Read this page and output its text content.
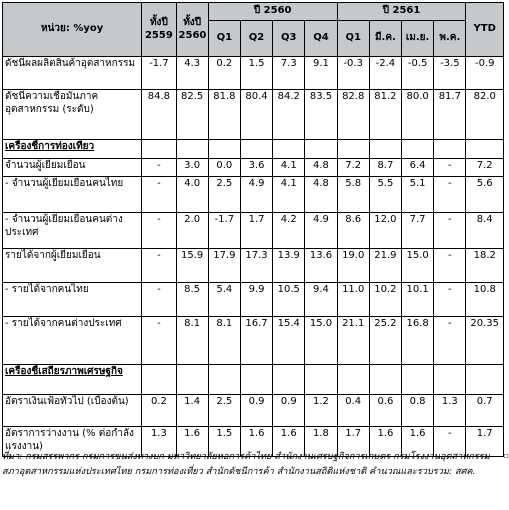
หน่วย: %yoy	ทั้งปี 2559	ทั้งปี 2560	ปี 2560				ปี 2561				YTD
			Q1	Q2	Q3	Q4	Q1	มี.ค.	เม.ย.	พ.ค.	
ดัชนีผลผลิตสินค้าอุตสาหกรรม	-1.7	4.3	0.2	1.5	7.3	9.1	-0.3	-2.4	-0.5	-3.5	-0.9
ดัชนีความเชื่อมั่นภาคอุตสาหกรรม (ระดับ)	84.8	82.5	81.8	80.4	84.2	83.5	82.8	81.2	80.0	81.7	82.0
เครื่องชี้การท่องเที่ยว											
จำนวนผู้เยี่ยมเยือน	-	3.0	0.0	3.6	4.1	4.8	7.2	8.7	6.4	-	7.2
- จำนวนผู้เยี่ยมเยือนคนไทย	-	4.0	2.5	4.9	4.1	4.8	5.8	5.5	5.1	-	5.6
- จำนวนผู้เยี่ยมเยือนคนต่างประเทศ	-	2.0	-1.7	1.7	4.2	4.9	8.6	12.0	7.7	-	8.4
รายได้จากผู้เยี่ยมเยือน	-	15.9	17.9	17.3	13.9	13.6	19.0	21.9	15.0	-	18.2
- รายได้จากคนไทย	-	8.5	5.4	9.9	10.5	9.4	11.0	10.2	10.1	-	10.8
- รายได้จากคนต่างประเทศ	-	8.1	8.1	16.7	15.4	15.0	21.1	25.2	16.8	-	20.35
เครื่องชี้เสถียรภาพเศรษฐกิจ											
อัตราเงินเฟ้อทั่วไป (เบื้องต้น)	0.2	1.4	2.5	0.9	0.9	1.2	0.4	0.6	0.8	1.3	0.7
อัตราการว่างงาน (% ต่อกำลังแรงงาน)	1.3	1.6	1.5	1.6	1.6	1.8	1.7	1.6	1.6	-	1.7
ที่มา: กรมสรรพากร กรมการขนส่งทางบก มหาวิทยาลัยหอการค้าไทย สำนักงานเศรษฐกิจการเกษตร กรมโรงงานอุตสาหกรรม สภาอุตสาหกรรมแห่งประเทศไทย กรมการท่องเที่ยว สำนักดัชนีการค้า สำนักงานสถิติแห่งชาติ คำนวณและรวบรวม: สศค.
▫
